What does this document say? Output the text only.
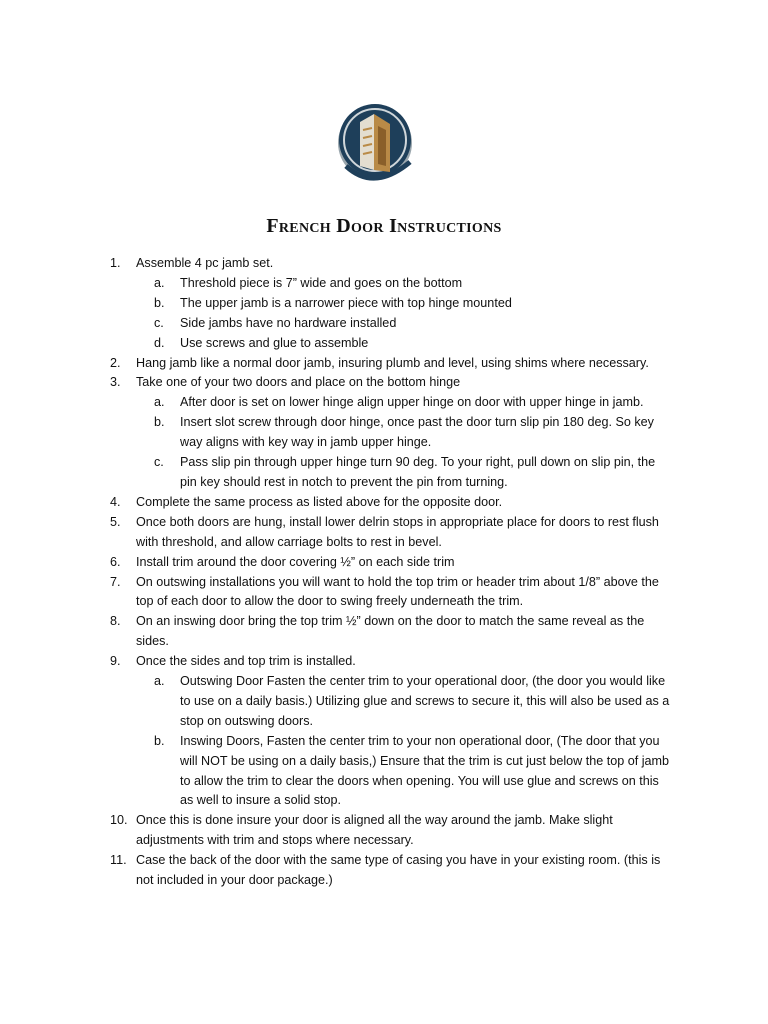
French Door Instructions
1. Assemble 4 pc jamb set.
a. Threshold piece is 7” wide and goes on the bottom
b. The upper jamb is a narrower piece with top hinge mounted
c. Side jambs have no hardware installed
d. Use screws and glue to assemble
2. Hang jamb like a normal door jamb, insuring plumb and level, using shims where necessary.
3. Take one of your two doors and place on the bottom hinge
a. After door is set on lower hinge align upper hinge on door with upper hinge in jamb.
b. Insert slot screw through door hinge, once past the door turn slip pin 180 deg. So key way aligns with key way in jamb upper hinge.
c. Pass slip pin through upper hinge turn 90 deg. To your right, pull down on slip pin, the pin key should rest in notch to prevent the pin from turning.
4. Complete the same process as listed above for the opposite door.
5. Once both doors are hung, install lower delrin stops in appropriate place for doors to rest flush with threshold, and allow carriage bolts to rest in bevel.
6. Install trim around the door covering ½” on each side trim
7. On outswing installations you will want to hold the top trim or header trim about 1/8” above the top of each door to allow the door to swing freely underneath the trim.
8. On an inswing door bring the top trim ½” down on the door to match the same reveal as the sides.
9. Once the sides and top trim is installed.
a. Outswing Door Fasten the center trim to your operational door, (the door you would like to use on a daily basis.) Utilizing glue and screws to secure it, this will also be used as a stop on outswing doors.
b. Inswing Doors, Fasten the center trim to your non operational door, (The door that you will NOT be using on a daily basis,) Ensure that the trim is cut just below the top of jamb to allow the trim to clear the doors when opening. You will use glue and screws on this as well to insure a solid stop.
10. Once this is done insure your door is aligned all the way around the jamb. Make slight adjustments with trim and stops where necessary.
11. Case the back of the door with the same type of casing you have in your existing room. (this is not included in your door package.)
